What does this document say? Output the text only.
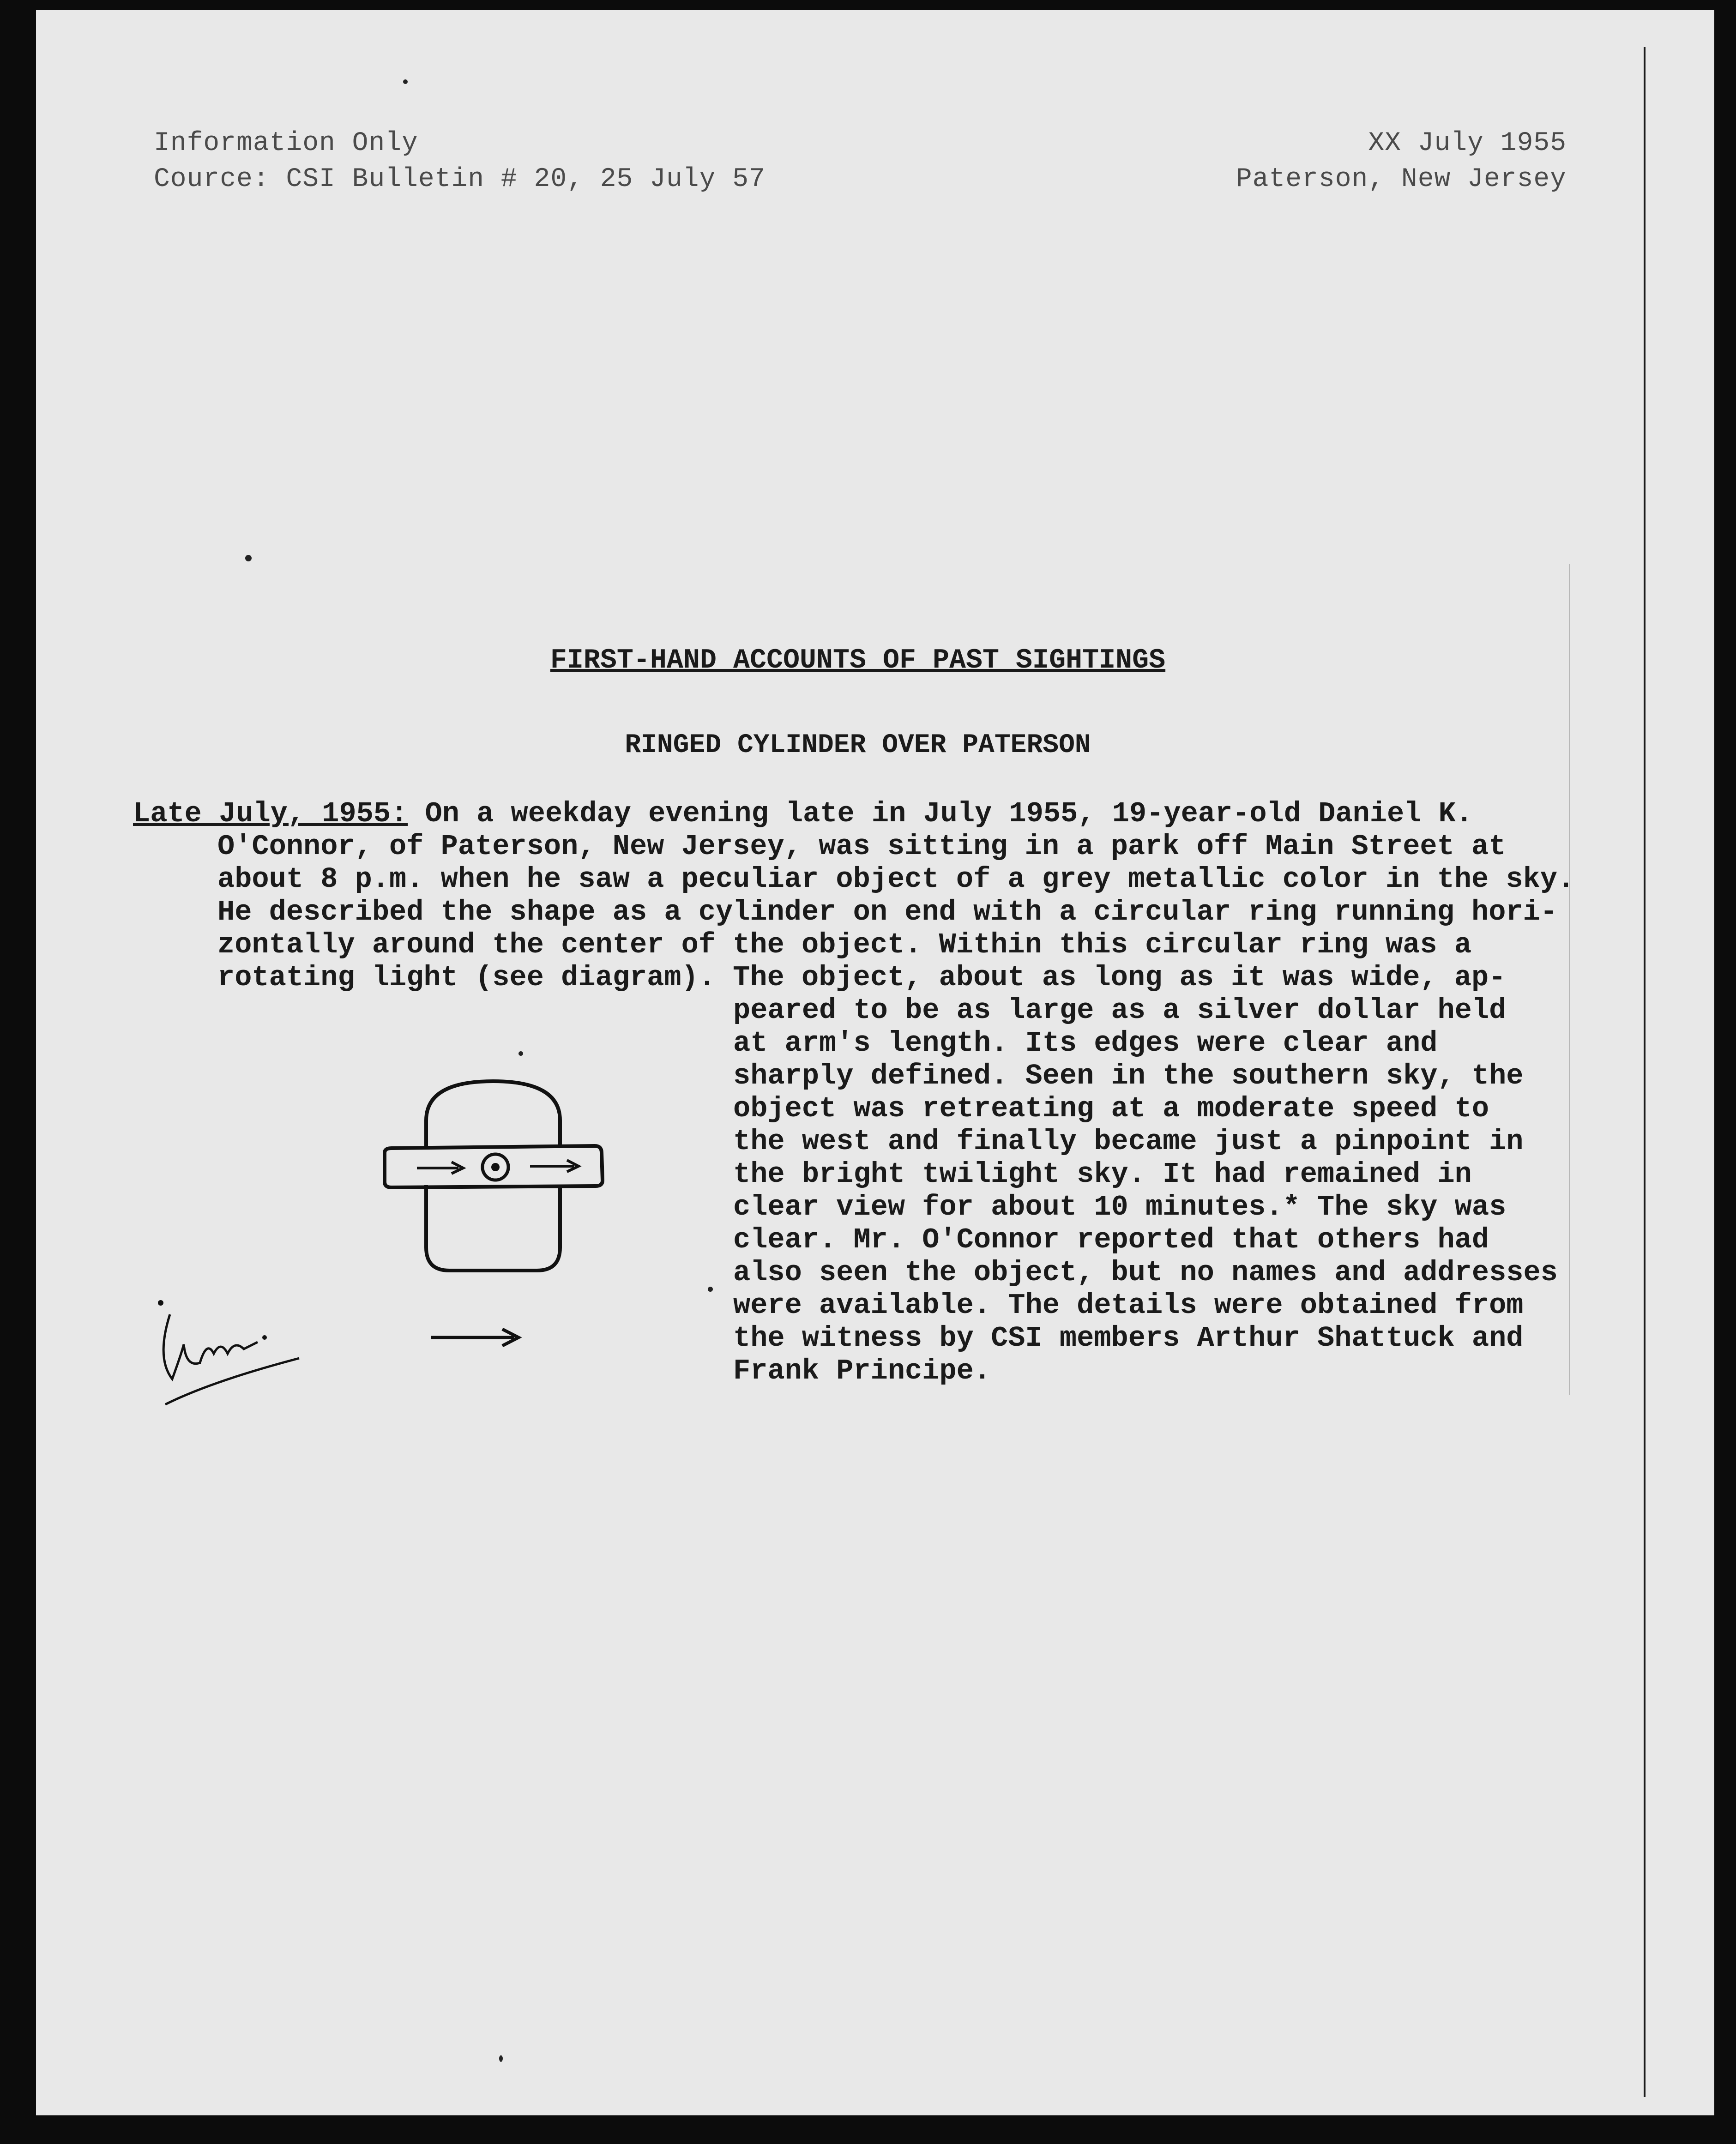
Information Only
Cource: CSI Bulletin # 20, 25 July 57
XX July 1955
Paterson, New Jersey
FIRST-HAND ACCOUNTS OF PAST SIGHTINGS
RINGED CYLINDER OVER PATERSON
Late July, 1955: On a weekday evening late in July 1955, 19-year-old Daniel K.
O'Connor, of Paterson, New Jersey, was sitting in a park off Main Street at
about 8 p.m. when he saw a peculiar object of a grey metallic color in the sky.
He described the shape as a cylinder on end with a circular ring running hori-
zontally around the center of the object. Within this circular ring was a
rotating light (see diagram). The object, about as long as it was wide, ap-
peared to be as large as a silver dollar held
at arm's length. Its edges were clear and
sharply defined. Seen in the southern sky, the
object was retreating at a moderate speed to
the west and finally became just a pinpoint in
the bright twilight sky. It had remained in
clear view for about 10 minutes.* The sky was
clear. Mr. O'Connor reported that others had
also seen the object, but no names and addresses
were available. The details were obtained from
the witness by CSI members Arthur Shattuck and
Frank Principe.
